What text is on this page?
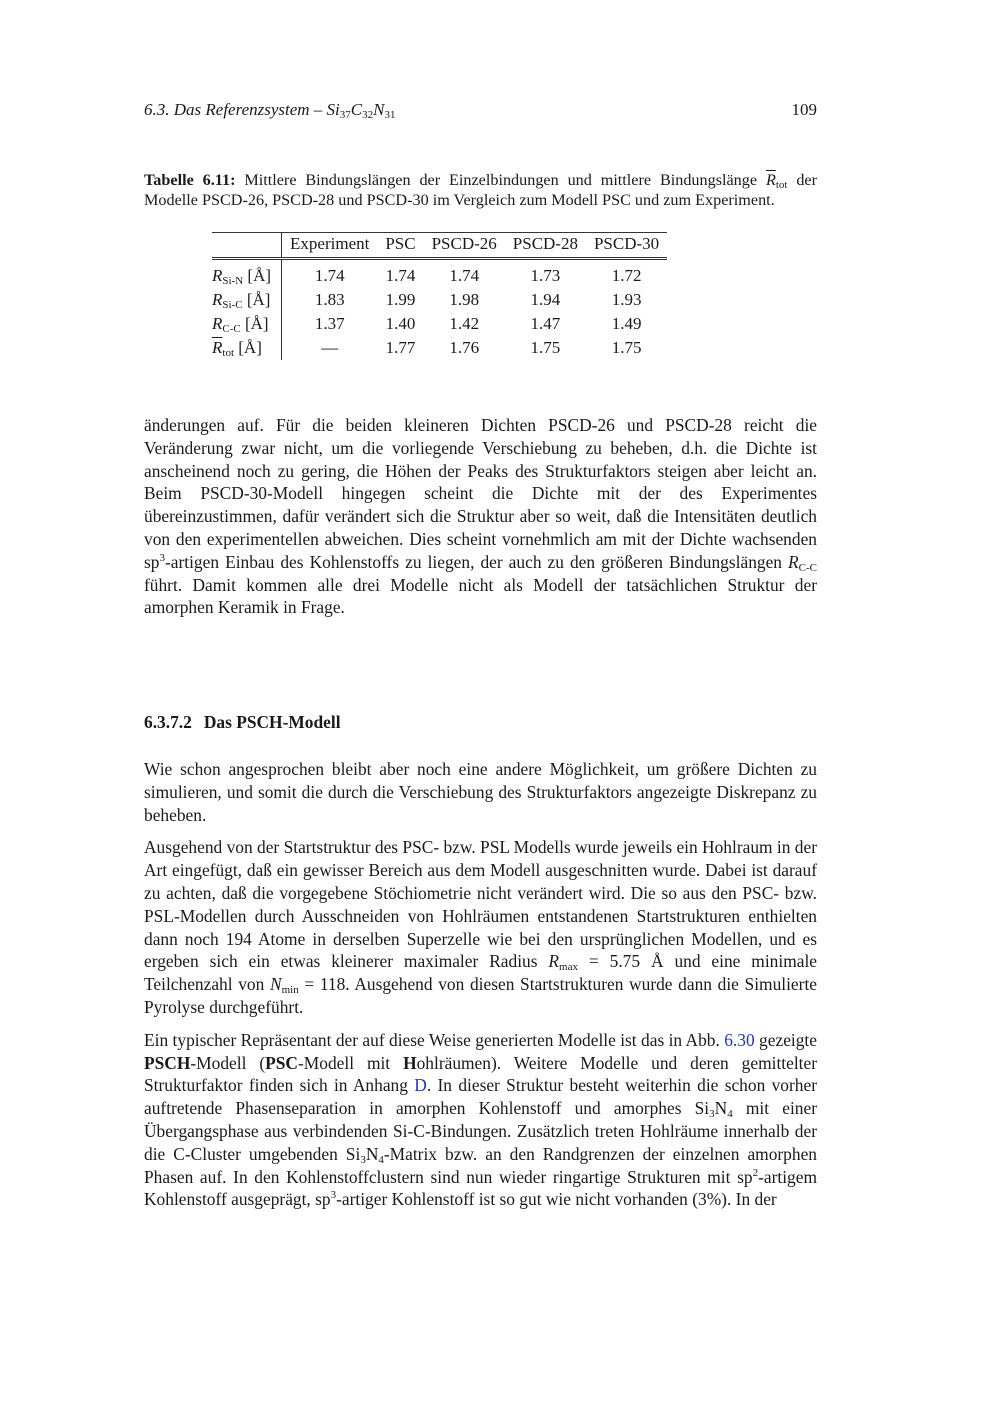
6.3. Das Referenzsystem – $Si_{37}C_{32}N_{31}$	109
Tabelle 6.11: Mittlere Bindungslängen der Einzelbindungen und mittlere Bindungslänge $\overline{R}_{tot}$ der Modelle PSCD-26, PSCD-28 und PSCD-30 im Vergleich zum Modell PSC und zum Experiment.
	Experiment	PSC	PSCD-26	PSCD-28	PSCD-30
$R_{Si-N}$ [Å]	1.74	1.74	1.74	1.73	1.72
$R_{Si-C}$ [Å]	1.83	1.99	1.98	1.94	1.93
$R_{C-C}$ [Å]	1.37	1.40	1.42	1.47	1.49
$\overline{R}_{tot}$ [Å]	—	1.77	1.76	1.75	1.75

änderungen auf. Für die beiden kleineren Dichten PSCD-26 und PSCD-28 reicht die Veränderung zwar nicht, um die vorliegende Verschiebung zu beheben, d.h. die Dichte ist anscheinend noch zu gering, die Höhen der Peaks des Strukturfaktors steigen aber leicht an. Beim PSCD-30-Modell hingegen scheint die Dichte mit der des Experimentes übereinzustimmen, dafür verändert sich die Struktur aber so weit, daß die Intensitäten deutlich von den experimentellen abweichen. Dies scheint vornehmlich am mit der Dichte wachsenden $sp^3$-artigen Einbau des Kohlenstoffs zu liegen, der auch zu den größeren Bindungslängen $R_{C-C}$ führt. Damit kommen alle drei Modelle nicht als Modell der tatsächlichen Struktur der amorphen Keramik in Frage.

6.3.7.2 Das PSCH-Modell

Wie schon angesprochen bleibt aber noch eine andere Möglichkeit, um größere Dichten zu simulieren, und somit die durch die Verschiebung des Strukturfaktors angezeigte Diskrepanz zu beheben.

Ausgehend von der Startstruktur des PSC- bzw. PSL Modells wurde jeweils ein Hohlraum in der Art eingefügt, daß ein gewisser Bereich aus dem Modell ausgeschnitten wurde. Dabei ist darauf zu achten, daß die vorgegebene Stöchiometrie nicht verändert wird. Die so aus den PSC- bzw. PSL-Modellen durch Ausschneiden von Hohlräumen entstandenen Startstrukturen enthielten dann noch 194 Atome in derselben Superzelle wie bei den ursprünglichen Modellen, und es ergeben sich ein etwas kleinerer maximaler Radius $R_{max} = 5.75$ Å und eine minimale Teilchenzahl von $N_{min} = 118$. Ausgehend von diesen Startstrukturen wurde dann die Simulierte Pyrolyse durchgeführt.

Ein typischer Repräsentant der auf diese Weise generierten Modelle ist das in Abb. 6.30 gezeigte PSCH-Modell (PSC-Modell mit Hohlräumen). Weitere Modelle und deren gemittelter Strukturfaktor finden sich in Anhang D. In dieser Struktur besteht weiterhin die schon vorher auftretende Phasenseparation in amorphen Kohlenstoff und amorphes $Si_3N_4$ mit einer Übergangsphase aus verbindenden Si-C-Bindungen. Zusätzlich treten Hohlräume innerhalb der die C-Cluster umgebenden $Si_3N_4$-Matrix bzw. an den Randgrenzen der einzelnen amorphen Phasen auf. In den Kohlenstoffclustern sind nun wieder ringartige Strukturen mit $sp^2$-artigem Kohlenstoff ausgeprägt, $sp^3$-artiger Kohlenstoff ist so gut wie nicht vorhanden (3%). In der
